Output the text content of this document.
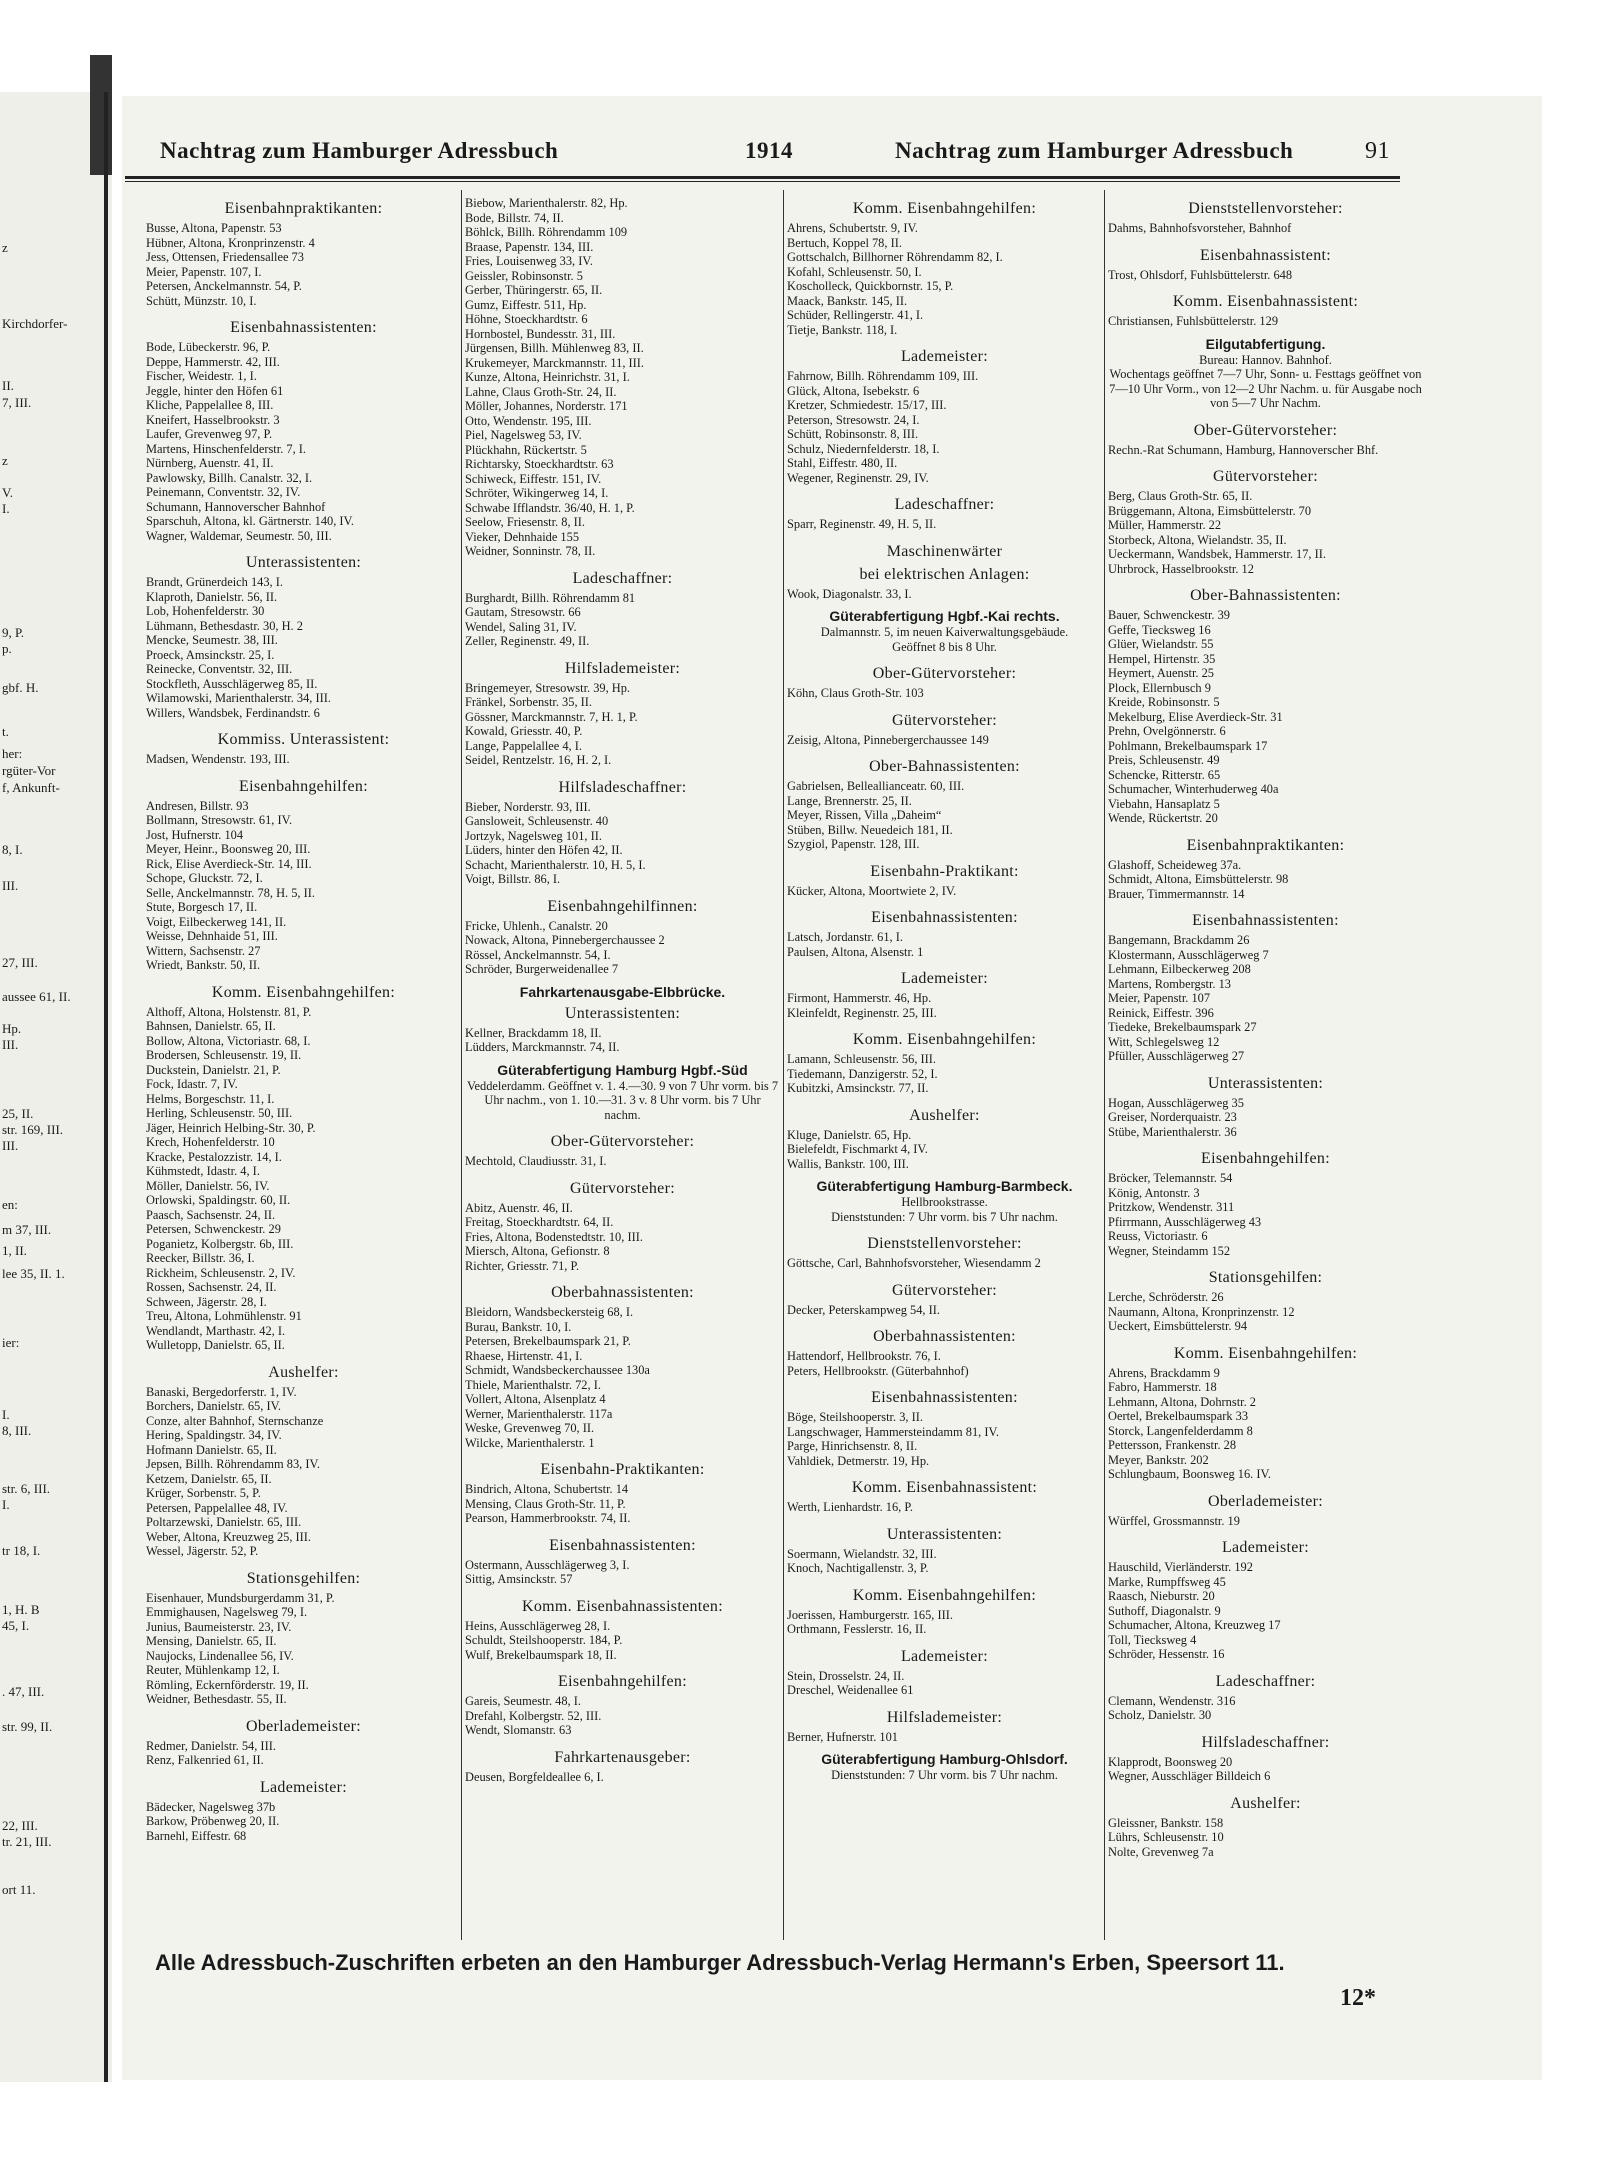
z
Kirchdorfer-
II.
7, III.
z
V.
I.
9, P.
p.
gbf. H.
t.
her:
rgüter-Vor
f, Ankunft-
8, I.
III.
27, III.
aussee 61, II.
Hp.
III.
25, II.
str. 169, III.
III.
en:
m 37, III.
1, II.
lee 35, II. 1.
ier:
I.
8, III.
str. 6, III.
I.
tr 18, I.
1, H. B
45, I.
. 47, III.
str. 99, II.
22, III.
tr. 21, III.
ort 11.
Nachtrag zum Hamburger Adressbuch	1914	Nachtrag zum Hamburger Adressbuch	91
Eisenbahnpraktikanten:
Busse, Altona, Papenstr. 53
Hübner, Altona, Kronprinzenstr. 4
Jess, Ottensen, Friedensallee 73
Meier, Papenstr. 107, I.
Petersen, Anckelmannstr. 54, P.
Schütt, Münzstr. 10, I.
Eisenbahnassistenten:
Bode, Lübeckerstr. 96, P.
Deppe, Hammerstr. 42, III.
Fischer, Weidestr. 1, I.
Jeggle, hinter den Höfen 61
Kliche, Pappelallee 8, III.
Kneifert, Hasselbrookstr. 3
Laufer, Grevenweg 97, P.
Martens, Hinschenfelderstr. 7, I.
Nürnberg, Auenstr. 41, II.
Pawlowsky, Billh. Canalstr. 32, I.
Peinemann, Conventstr. 32, IV.
Schumann, Hannoverscher Bahnhof
Sparschuh, Altona, kl. Gärtnerstr. 140, IV.
Wagner, Waldemar, Seumestr. 50, III.
Unterassistenten:
Brandt, Grünerdeich 143, I.
Klaproth, Danielstr. 56, II.
Lob, Hohenfelderstr. 30
Lühmann, Bethesdastr. 30, H. 2
Mencke, Seumestr. 38, III.
Proeck, Amsinckstr. 25, I.
Reinecke, Conventstr. 32, III.
Stockfleth, Ausschlägerweg 85, II.
Wilamowski, Marienthalerstr. 34, III.
Willers, Wandsbek, Ferdinandstr. 6
Kommiss. Unterassistent:
Madsen, Wendenstr. 193, III.
Eisenbahngehilfen:
Andresen, Billstr. 93
Bollmann, Stresowstr. 61, IV.
Jost, Hufnerstr. 104
Meyer, Heinr., Boonsweg 20, III.
Rick, Elise Averdieck-Str. 14, III.
Schope, Gluckstr. 72, I.
Selle, Anckelmannstr. 78, H. 5, II.
Stute, Borgesch 17, II.
Voigt, Eilbeckerweg 141, II.
Weisse, Dehnhaide 51, III.
Wittern, Sachsenstr. 27
Wriedt, Bankstr. 50, II.
Komm. Eisenbahngehilfen:
Althoff, Altona, Holstenstr. 81, P.
Bahnsen, Danielstr. 65, II.
Bollow, Altona, Victoriastr. 68, I.
Brodersen, Schleusenstr. 19, II.
Duckstein, Danielstr. 21, P.
Fock, Idastr. 7, IV.
Helms, Borgeschstr. 11, I.
Herling, Schleusenstr. 50, III.
Jäger, Heinrich Helbing-Str. 30, P.
Krech, Hohenfelderstr. 10
Kracke, Pestalozzistr. 14, I.
Kühmstedt, Idastr. 4, I.
Möller, Danielstr. 56, IV.
Orlowski, Spaldingstr. 60, II.
Paasch, Sachsenstr. 24, II.
Petersen, Schwenckestr. 29
Poganietz, Kolbergstr. 6b, III.
Reecker, Billstr. 36, I.
Rickheim, Schleusenstr. 2, IV.
Rossen, Sachsenstr. 24, II.
Schween, Jägerstr. 28, I.
Treu, Altona, Lohmühlenstr. 91
Wendlandt, Marthastr. 42, I.
Wulletopp, Danielstr. 65, II.
Aushelfer:
Banaski, Bergedorferstr. 1, IV.
Borchers, Danielstr. 65, IV.
Conze, alter Bahnhof, Sternschanze
Hering, Spaldingstr. 34, IV.
Hofmann Danielstr. 65, II.
Jepsen, Billh. Röhrendamm 83, IV.
Ketzem, Danielstr. 65, II.
Krüger, Sorbenstr. 5, P.
Petersen, Pappelallee 48, IV.
Poltarzewski, Danielstr. 65, III.
Weber, Altona, Kreuzweg 25, III.
Wessel, Jägerstr. 52, P.
Stationsgehilfen:
Eisenhauer, Mundsburgerdamm 31, P.
Emmighausen, Nagelsweg 79, I.
Junius, Baumeisterstr. 23, IV.
Mensing, Danielstr. 65, II.
Naujocks, Lindenallee 56, IV.
Reuter, Mühlenkamp 12, I.
Römling, Eckernförderstr. 19, II.
Weidner, Bethesdastr. 55, II.
Oberlademeister:
Redmer, Danielstr. 54, III.
Renz, Falkenried 61, II.
Lademeister:
Bädecker, Nagelsweg 37b
Barkow, Pröbenweg 20, II.
Barnehl, Eiffestr. 68
Biebow, Marienthalerstr. 82, Hp.
Bode, Billstr. 74, II.
Böhlck, Billh. Röhrendamm 109
Braase, Papenstr. 134, III.
Fries, Louisenweg 33, IV.
Geissler, Robinsonstr. 5
Gerber, Thüringerstr. 65, II.
Gumz, Eiffestr. 511, Hp.
Höhne, Stoeckhardtstr. 6
Hornbostel, Bundesstr. 31, III.
Jürgensen, Billh. Mühlenweg 83, II.
Krukemeyer, Marckmannstr. 11, III.
Kunze, Altona, Heinrichstr. 31, I.
Lahne, Claus Groth-Str. 24, II.
Möller, Johannes, Norderstr. 171
Otto, Wendenstr. 195, III.
Piel, Nagelsweg 53, IV.
Plückhahn, Rückertstr. 5
Richtarsky, Stoeckhardtstr. 63
Schiweck, Eiffestr. 151, IV.
Schröter, Wikingerweg 14, I.
Schwabe Ifflandstr. 36/40, H. 1, P.
Seelow, Friesenstr. 8, II.
Vieker, Dehnhaide 155
Weidner, Sonninstr. 78, II.
Ladeschaffner:
Burghardt, Billh. Röhrendamm 81
Gautam, Stresowstr. 66
Wendel, Saling 31, IV.
Zeller, Reginenstr. 49, II.
Hilfslademeister:
Bringemeyer, Stresowstr. 39, Hp.
Fränkel, Sorbenstr. 35, II.
Gössner, Marckmannstr. 7, H. 1, P.
Kowald, Griesstr. 40, P.
Lange, Pappelallee 4, I.
Seidel, Rentzelstr. 16, H. 2, I.
Hilfsladeschaffner:
Bieber, Norderstr. 93, III.
Gansloweit, Schleusenstr. 40
Jortzyk, Nagelsweg 101, II.
Lüders, hinter den Höfen 42, II.
Schacht, Marienthalerstr. 10, H. 5, I.
Voigt, Billstr. 86, I.
Eisenbahngehilfinnen:
Fricke, Uhlenh., Canalstr. 20
Nowack, Altona, Pinnebergerchaussee 2
Rössel, Anckelmannstr. 54, I.
Schröder, Burgerweidenallee 7
Fahrkartenausgabe-Elbbrücke.
Unterassistenten:
Kellner, Brackdamm 18, II.
Lüdders, Marckmannstr. 74, II.
Güterabfertigung Hamburg Hgbf.-Süd
Veddelerdamm. Geöffnet v. 1. 4.—30. 9 von 7 Uhr vorm. bis 7 Uhr nachm., von 1. 10.—31. 3 v. 8 Uhr vorm. bis 7 Uhr nachm.
Ober-Gütervorsteher:
Mechtold, Claudiusstr. 31, I.
Gütervorsteher:
Abitz, Auenstr. 46, II.
Freitag, Stoeckhardtstr. 64, II.
Fries, Altona, Bodenstedtstr. 10, III.
Miersch, Altona, Gefionstr. 8
Richter, Griesstr. 71, P.
Oberbahnassistenten:
Bleidorn, Wandsbeckersteig 68, I.
Burau, Bankstr. 10, I.
Petersen, Brekelbaumspark 21, P.
Rhaese, Hirtenstr. 41, I.
Schmidt, Wandsbeckerchaussee 130a
Thiele, Marienthalstr. 72, I.
Vollert, Altona, Alsenplatz 4
Werner, Marienthalerstr. 117a
Weske, Grevenweg 70, II.
Wilcke, Marienthalerstr. 1
Eisenbahn-Praktikanten:
Bindrich, Altona, Schubertstr. 14
Mensing, Claus Groth-Str. 11, P.
Pearson, Hammerbrookstr. 74, II.
Eisenbahnassistenten:
Ostermann, Ausschlägerweg 3, I.
Sittig, Amsinckstr. 57
Komm. Eisenbahnassistenten:
Heins, Ausschlägerweg 28, I.
Schuldt, Steilshooperstr. 184, P.
Wulf, Brekelbaumspark 18, II.
Eisenbahngehilfen:
Gareis, Seumestr. 48, I.
Drefahl, Kolbergstr. 52, III.
Wendt, Slomanstr. 63
Fahrkartenausgeber:
Deusen, Borgfeldeallee 6, I.
Komm. Eisenbahngehilfen:
Ahrens, Schubertstr. 9, IV.
Bertuch, Koppel 78, II.
Gottschalch, Billhorner Röhrendamm 82, I.
Kofahl, Schleusenstr. 50, I.
Koscholleck, Quickbornstr. 15, P.
Maack, Bankstr. 145, II.
Schüder, Rellingerstr. 41, I.
Tietje, Bankstr. 118, I.
Lademeister:
Fahrnow, Billh. Röhrendamm 109, III.
Glück, Altona, Isebekstr. 6
Kretzer, Schmiedestr. 15/17, III.
Peterson, Stresowstr. 24, I.
Schütt, Robinsonstr. 8, III.
Schulz, Niedernfelderstr. 18, I.
Stahl, Eiffestr. 480, II.
Wegener, Reginenstr. 29, IV.
Ladeschaffner:
Sparr, Reginenstr. 49, H. 5, II.
Maschinenwärter
bei elektrischen Anlagen:
Wook, Diagonalstr. 33, I.
Güterabfertigung Hgbf.-Kai rechts.
Dalmannstr. 5, im neuen Kaiverwaltungsgebäude.
Geöffnet 8 bis 8 Uhr.
Ober-Gütervorsteher:
Köhn, Claus Groth-Str. 103
Gütervorsteher:
Zeisig, Altona, Pinnebergerchaussee 149
Ober-Bahnassistenten:
Gabrielsen, Belleallianceatr. 60, III.
Lange, Brennerstr. 25, II.
Meyer, Rissen, Villa „Daheim“
Stüben, Billw. Neuedeich 181, II.
Szygiol, Papenstr. 128, III.
Eisenbahn-Praktikant:
Kücker, Altona, Moortwiete 2, IV.
Eisenbahnassistenten:
Latsch, Jordanstr. 61, I.
Paulsen, Altona, Alsenstr. 1
Lademeister:
Firmont, Hammerstr. 46, Hp.
Kleinfeldt, Reginenstr. 25, III.
Komm. Eisenbahngehilfen:
Lamann, Schleusenstr. 56, III.
Tiedemann, Danzigerstr. 52, I.
Kubitzki, Amsinckstr. 77, II.
Aushelfer:
Kluge, Danielstr. 65, Hp.
Bielefeldt, Fischmarkt 4, IV.
Wallis, Bankstr. 100, III.
Güterabfertigung Hamburg-Barmbeck.
Hellbrookstrasse.
Dienststunden: 7 Uhr vorm. bis 7 Uhr nachm.
Dienststellenvorsteher:
Göttsche, Carl, Bahnhofsvorsteher, Wiesendamm 2
Gütervorsteher:
Decker, Peterskampweg 54, II.
Oberbahnassistenten:
Hattendorf, Hellbrookstr. 76, I.
Peters, Hellbrookstr. (Güterbahnhof)
Eisenbahnassistenten:
Böge, Steilshooperstr. 3, II.
Langschwager, Hammersteindamm 81, IV.
Parge, Hinrichsenstr. 8, II.
Vahldiek, Detmerstr. 19, Hp.
Komm. Eisenbahnassistent:
Werth, Lienhardstr. 16, P.
Unterassistenten:
Soermann, Wielandstr. 32, III.
Knoch, Nachtigallenstr. 3, P.
Komm. Eisenbahngehilfen:
Joerissen, Hamburgerstr. 165, III.
Orthmann, Fesslerstr. 16, II.
Lademeister:
Stein, Drosselstr. 24, II.
Dreschel, Weidenallee 61
Hilfslademeister:
Berner, Hufnerstr. 101
Güterabfertigung Hamburg-Ohlsdorf.
Dienststunden: 7 Uhr vorm. bis 7 Uhr nachm.
Dienststellenvorsteher:
Dahms, Bahnhofsvorsteher, Bahnhof
Eisenbahnassistent:
Trost, Ohlsdorf, Fuhlsbüttelerstr. 648
Komm. Eisenbahnassistent:
Christiansen, Fuhlsbüttelerstr. 129
Eilgutabfertigung.
Bureau: Hannov. Bahnhof.
Wochentags geöffnet 7—7 Uhr, Sonn- u. Festtags geöffnet von 7—10 Uhr Vorm., von 12—2 Uhr Nachm. u. für Ausgabe noch von 5—7 Uhr Nachm.
Ober-Gütervorsteher:
Rechn.-Rat Schumann, Hamburg, Hannoverscher Bhf.
Gütervorsteher:
Berg, Claus Groth-Str. 65, II.
Brüggemann, Altona, Eimsbüttelerstr. 70
Müller, Hammerstr. 22
Storbeck, Altona, Wielandstr. 35, II.
Ueckermann, Wandsbek, Hammerstr. 17, II.
Uhrbrock, Hasselbrookstr. 12
Ober-Bahnassistenten:
Bauer, Schwenckestr. 39
Geffe, Tiecksweg 16
Glüer, Wielandstr. 55
Hempel, Hirtenstr. 35
Heymert, Auenstr. 25
Plock, Ellernbusch 9
Kreide, Robinsonstr. 5
Mekelburg, Elise Averdieck-Str. 31
Prehn, Ovelgönnerstr. 6
Pohlmann, Brekelbaumspark 17
Preis, Schleusenstr. 49
Schencke, Ritterstr. 65
Schumacher, Winterhuderweg 40a
Viebahn, Hansaplatz 5
Wende, Rückertstr. 20
Eisenbahnpraktikanten:
Glashoff, Scheideweg 37a.
Schmidt, Altona, Eimsbüttelerstr. 98
Brauer, Timmermannstr. 14
Eisenbahnassistenten:
Bangemann, Brackdamm 26
Klostermann, Ausschlägerweg 7
Lehmann, Eilbeckerweg 208
Martens, Rombergstr. 13
Meier, Papenstr. 107
Reinick, Eiffestr. 396
Tiedeke, Brekelbaumspark 27
Witt, Schlegelsweg 12
Pfüller, Ausschlägerweg 27
Unterassistenten:
Hogan, Ausschlägerweg 35
Greiser, Norderquaistr. 23
Stübe, Marienthalerstr. 36
Eisenbahngehilfen:
Bröcker, Telemannstr. 54
König, Antonstr. 3
Pritzkow, Wendenstr. 311
Pfirrmann, Ausschlägerweg 43
Reuss, Victoriastr. 6
Wegner, Steindamm 152
Stationsgehilfen:
Lerche, Schröderstr. 26
Naumann, Altona, Kronprinzenstr. 12
Ueckert, Eimsbüttelerstr. 94
Komm. Eisenbahngehilfen:
Ahrens, Brackdamm 9
Fabro, Hammerstr. 18
Lehmann, Altona, Dohrnstr. 2
Oertel, Brekelbaumspark 33
Storck, Langenfelderdamm 8
Pettersson, Frankenstr. 28
Meyer, Bankstr. 202
Schlungbaum, Boonsweg 16. IV.
Oberlademeister:
Würffel, Grossmannstr. 19
Lademeister:
Hauschild, Vierländerstr. 192
Marke, Rumpffsweg 45
Raasch, Nieburstr. 20
Suthoff, Diagonalstr. 9
Schumacher, Altona, Kreuzweg 17
Toll, Tiecksweg 4
Schröder, Hessenstr. 16
Ladeschaffner:
Clemann, Wendenstr. 316
Scholz, Danielstr. 30
Hilfsladeschaffner:
Klapprodt, Boonsweg 20
Wegner, Ausschläger Billdeich 6
Aushelfer:
Gleissner, Bankstr. 158
Lührs, Schleusenstr. 10
Nolte, Grevenweg 7a
Alle Adressbuch-Zuschriften erbeten an den Hamburger Adressbuch-Verlag Hermann's Erben, Speersort 11.
12*
